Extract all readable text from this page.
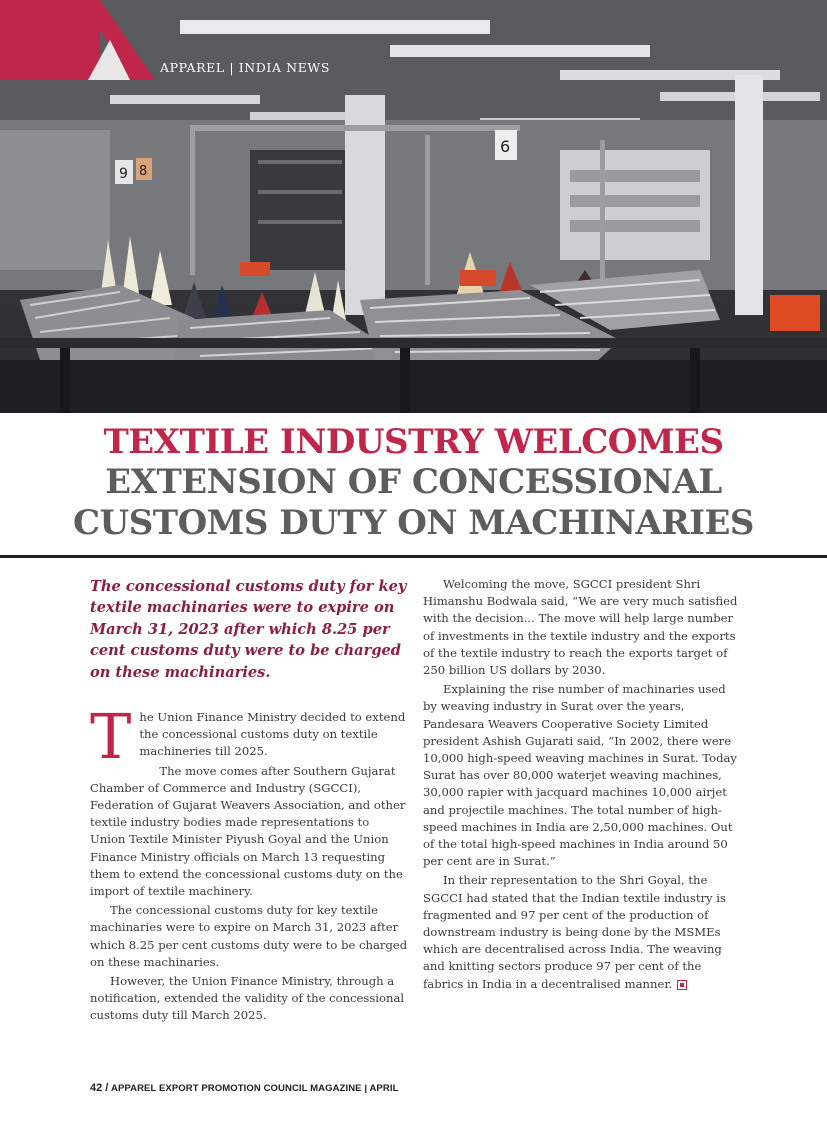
9 8
6
APPAREL | INDIA NEWS
TEXTILE INDUSTRY WELCOMES
EXTENSION OF CONCESSIONAL
CUSTOMS DUTY ON MACHINARIES
The concessional customs duty for key textile machinaries were to expire on March 31, 2023 after which 8.25 per cent customs duty were to be charged on these machinaries.

The Union Finance Ministry decided to extend the concessional customs duty on textile machineries till 2025.

The move comes after Southern Gujarat Chamber of Commerce and Industry (SGCCI), Federation of Gujarat Weavers Association, and other textile industry bodies made representations to Union Textile Minister Piyush Goyal and the Union Finance Ministry officials on March 13 requesting them to extend the concessional customs duty on the import of textile machinery.

The concessional customs duty for key textile machinaries were to expire on March 31, 2023 after which 8.25 per cent customs duty were to be charged on these machinaries.

However, the Union Finance Ministry, through a notification, extended the validity of the concessional customs duty till March 2025.

Welcoming the move, SGCCI president Shri Himanshu Bodwala said, “We are very much satisfied with the decision... The move will help large number of investments in the textile industry and the exports of the textile industry to reach the exports target of 250 billion US dollars by 2030.

Explaining the rise number of machinaries used by weaving industry in Surat over the years, Pandesara Weavers Cooperative Society Limited president Ashish Gujarati said, “In 2002, there were 10,000 high-speed weaving machines in Surat. Today Surat has over 80,000 waterjet weaving machines, 30,000 rapier with jacquard machines 10,000 airjet and projectile machines. The total number of high-speed machines in India are 2,50,000 machines. Out of the total high-speed machines in India around 50 per cent are in Surat.”

In their representation to the Shri Goyal, the SGCCI had stated that the Indian textile industry is fragmented and 97 per cent of the production of downstream industry is being done by the MSMEs which are decentralised across India. The weaving and knitting sectors produce 97 per cent of the fabrics in India in a decentralised manner.

42 / APPAREL EXPORT PROMOTION COUNCIL MAGAZINE | APRIL
